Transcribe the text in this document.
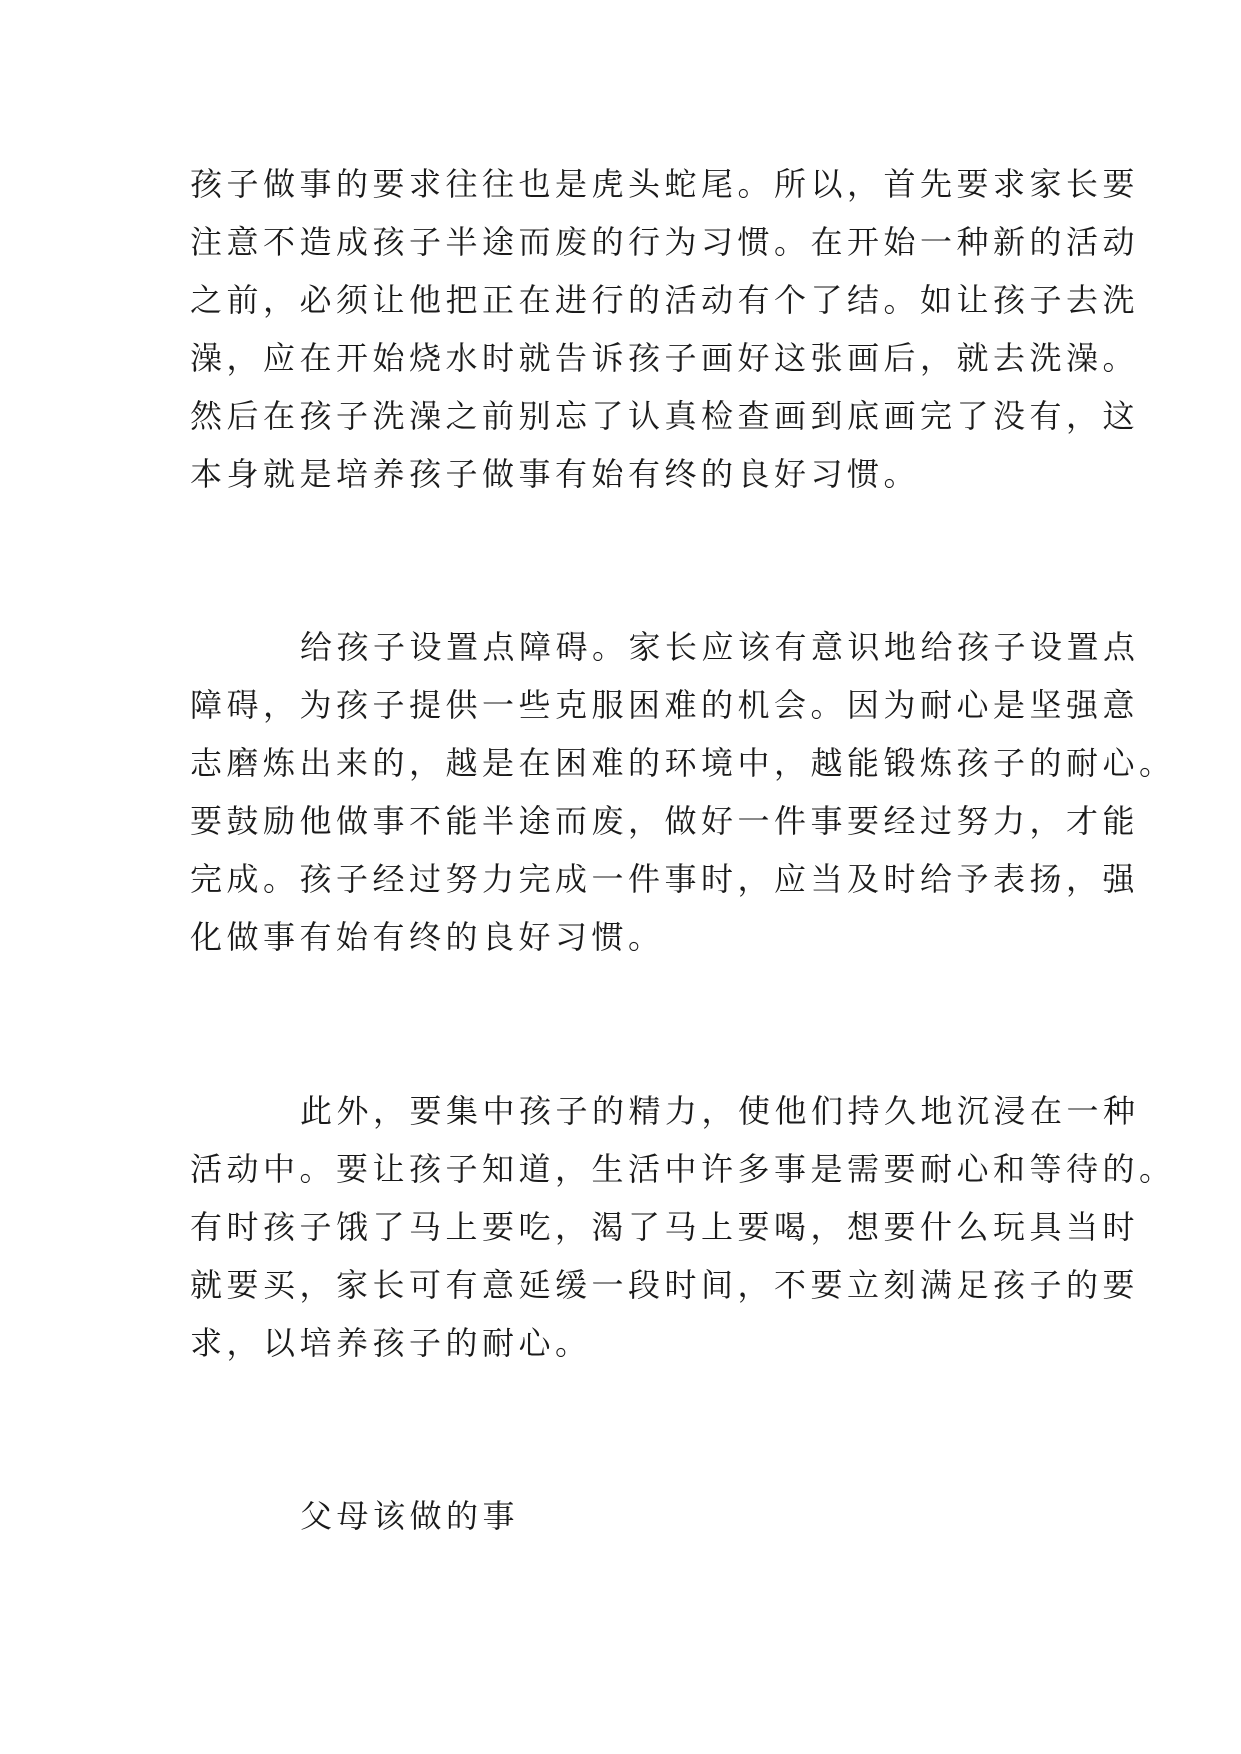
孩子做事的要求往往也是虎头蛇尾。所以，首先要求家长要
注意不造成孩子半途而废的行为习惯。在开始一种新的活动
之前，必须让他把正在进行的活动有个了结。如让孩子去洗
澡，应在开始烧水时就告诉孩子画好这张画后，就去洗澡。
然后在孩子洗澡之前别忘了认真检查画到底画完了没有，这
本身就是培养孩子做事有始有终的良好习惯。
给孩子设置点障碍。家长应该有意识地给孩子设置点
障碍，为孩子提供一些克服困难的机会。因为耐心是坚强意
志磨炼出来的，越是在困难的环境中，越能锻炼孩子的耐心。
要鼓励他做事不能半途而废，做好一件事要经过努力，才能
完成。孩子经过努力完成一件事时，应当及时给予表扬，强
化做事有始有终的良好习惯。
此外，要集中孩子的精力，使他们持久地沉浸在一种
活动中。要让孩子知道，生活中许多事是需要耐心和等待的。
有时孩子饿了马上要吃，渴了马上要喝，想要什么玩具当时
就要买，家长可有意延缓一段时间，不要立刻满足孩子的要
求，以培养孩子的耐心。
父母该做的事
